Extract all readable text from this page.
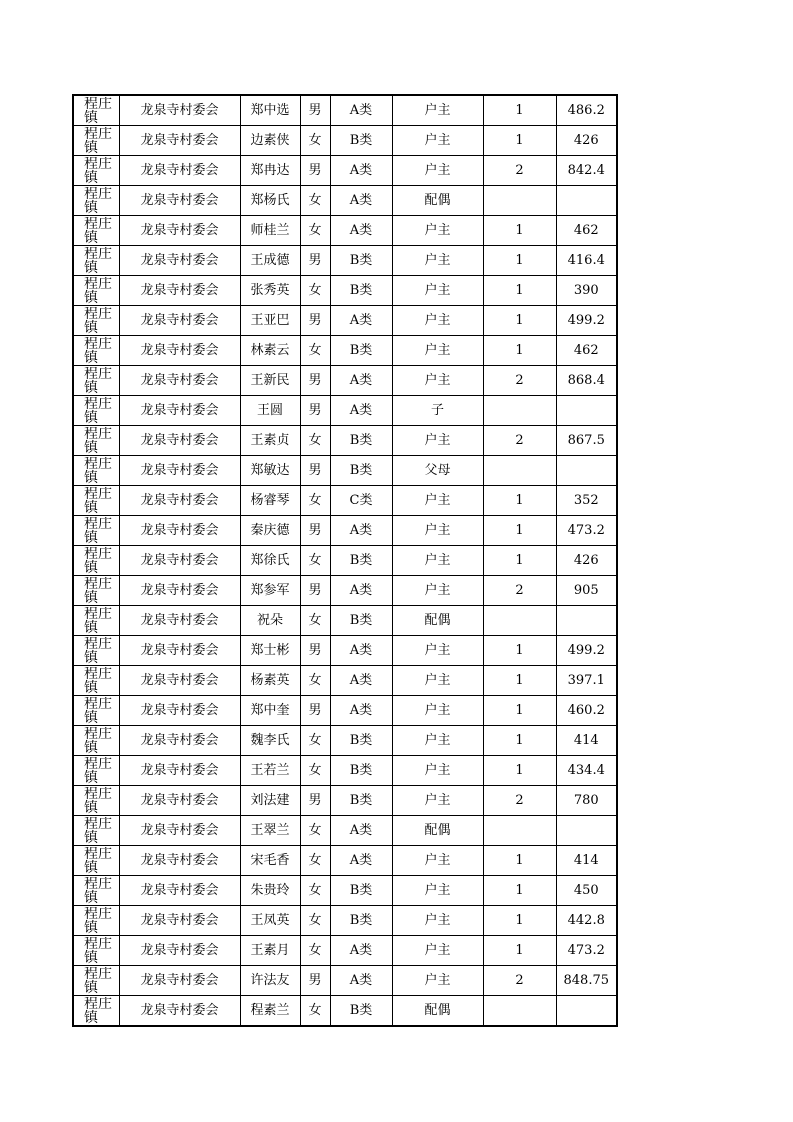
程庄镇	龙泉寺村委会	郑中选	男	A类	户主	1	486.2

程庄镇	龙泉寺村委会	边素侠	女	B类	户主	1	426

程庄镇	龙泉寺村委会	郑冉达	男	A类	户主	2	842.4

程庄镇	龙泉寺村委会	郑杨氏	女	A类	配偶		

程庄镇	龙泉寺村委会	师桂兰	女	A类	户主	1	462

程庄镇	龙泉寺村委会	王成德	男	B类	户主	1	416.4

程庄镇	龙泉寺村委会	张秀英	女	B类	户主	1	390

程庄镇	龙泉寺村委会	王亚巴	男	A类	户主	1	499.2

程庄镇	龙泉寺村委会	林素云	女	B类	户主	1	462

程庄镇	龙泉寺村委会	王新民	男	A类	户主	2	868.4

程庄镇	龙泉寺村委会	王圆	男	A类	子		

程庄镇	龙泉寺村委会	王素贞	女	B类	户主	2	867.5

程庄镇	龙泉寺村委会	郑敏达	男	B类	父母		

程庄镇	龙泉寺村委会	杨睿琴	女	C类	户主	1	352

程庄镇	龙泉寺村委会	秦庆德	男	A类	户主	1	473.2

程庄镇	龙泉寺村委会	郑徐氏	女	B类	户主	1	426

程庄镇	龙泉寺村委会	郑参军	男	A类	户主	2	905

程庄镇	龙泉寺村委会	祝朵	女	B类	配偶		

程庄镇	龙泉寺村委会	郑士彬	男	A类	户主	1	499.2

程庄镇	龙泉寺村委会	杨素英	女	A类	户主	1	397.1

程庄镇	龙泉寺村委会	郑中奎	男	A类	户主	1	460.2

程庄镇	龙泉寺村委会	魏李氏	女	B类	户主	1	414

程庄镇	龙泉寺村委会	王若兰	女	B类	户主	1	434.4

程庄镇	龙泉寺村委会	刘法建	男	B类	户主	2	780

程庄镇	龙泉寺村委会	王翠兰	女	A类	配偶		

程庄镇	龙泉寺村委会	宋毛香	女	A类	户主	1	414

程庄镇	龙泉寺村委会	朱贵玲	女	B类	户主	1	450

程庄镇	龙泉寺村委会	王凤英	女	B类	户主	1	442.8

程庄镇	龙泉寺村委会	王素月	女	A类	户主	1	473.2

程庄镇	龙泉寺村委会	许法友	男	A类	户主	2	848.75

程庄镇	龙泉寺村委会	程素兰	女	B类	配偶		
